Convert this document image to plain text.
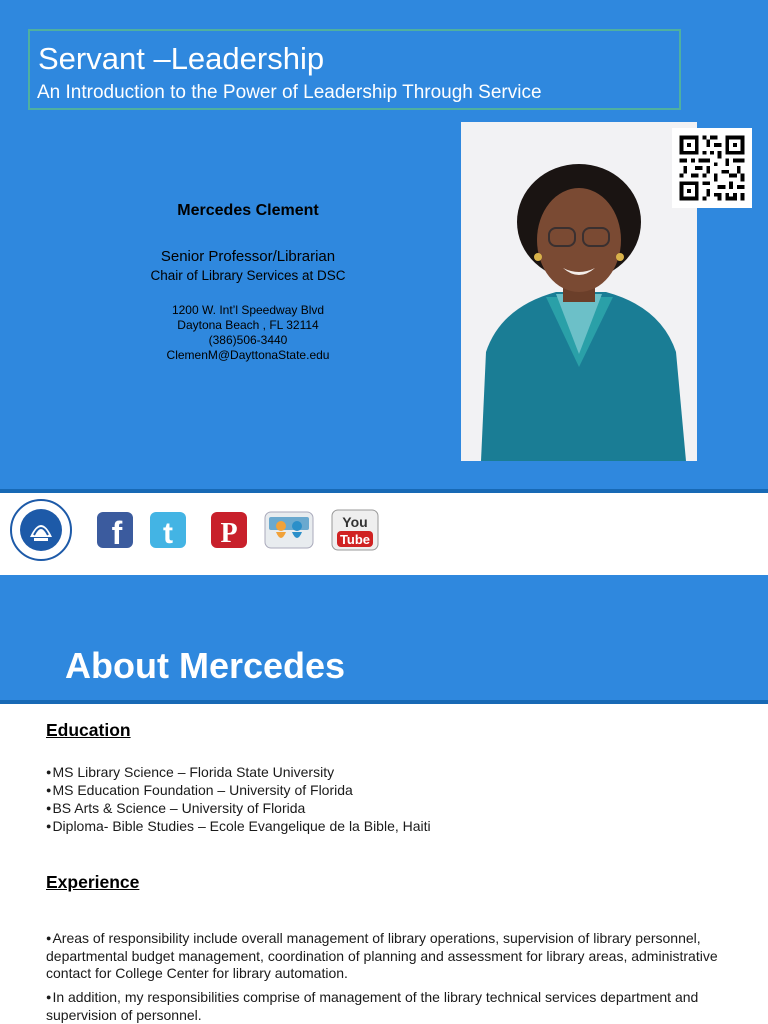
Servant –Leadership
An Introduction to the Power of Leadership Through Service
Mercedes Clement
Senior Professor/Librarian
Chair of Library Services at DSC
1200 W. Int’l Speedway Blvd
Daytona Beach , FL 32114
(386)506-3440
ClemenM@DayttonaState.edu
f t P	You
Tube
About Mercedes
Education
● MS Library Science – Florida State University
● MS Education Foundation – University of Florida
● BS Arts & Science – University of Florida
● Diploma- Bible Studies – Ecole Evangelique de la Bible, Haiti
Experience

● Areas of responsibility include overall management of library operations, supervision of library personnel, departmental budget management, coordination of planning and assessment for library areas, administrative contact for College Center for library automation.

● In addition, my responsibilities comprise of management of the library technical services department and supervision of personnel.
